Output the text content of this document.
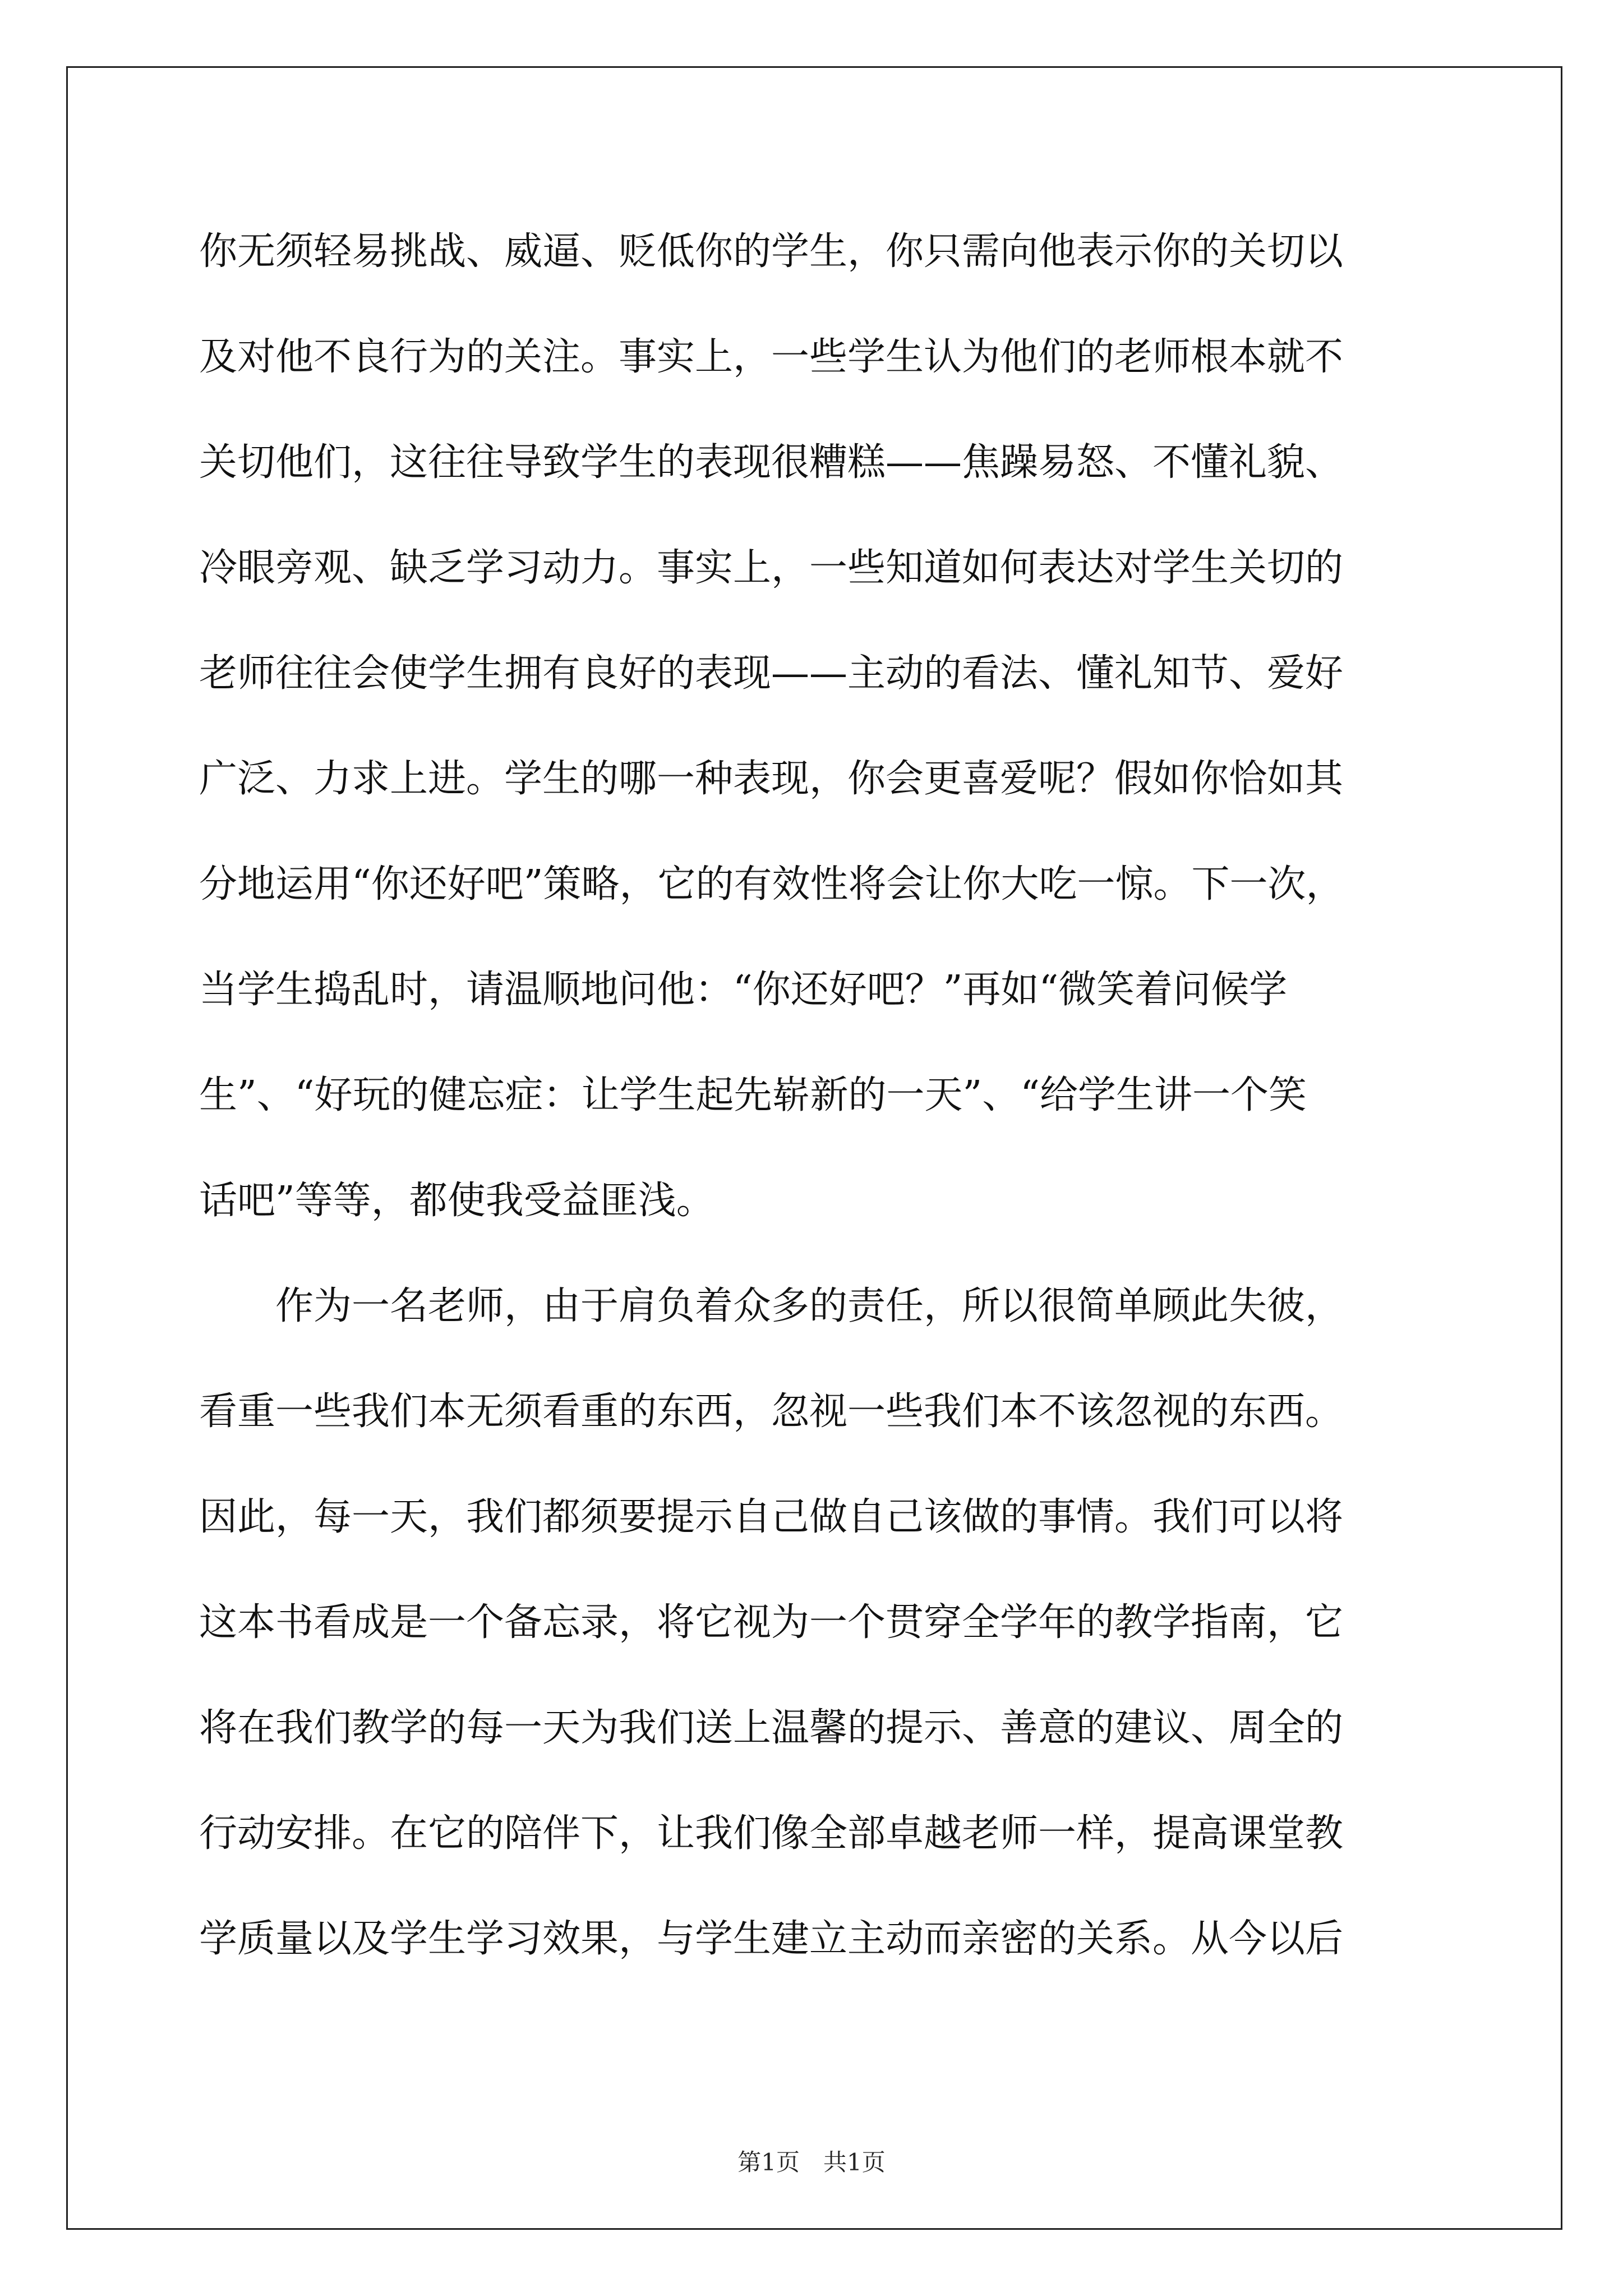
你无须轻易挑战、威逼、贬低你的学生，你只需向他表示你的关切以
及对他不良行为的关注。事实上，一些学生认为他们的老师根本就不
关切他们，这往往导致学生的表现很糟糕——焦躁易怒、不懂礼貌、
冷眼旁观、缺乏学习动力。事实上，一些知道如何表达对学生关切的
老师往往会使学生拥有良好的表现——主动的看法、懂礼知节、爱好
广泛、力求上进。学生的哪一种表现，你会更喜爱呢？假如你恰如其
分地运用“你还好吧”策略，它的有效性将会让你大吃一惊。下一次，
当学生捣乱时，请温顺地问他：“你还好吧？”再如“微笑着问候学
生”、“好玩的健忘症：让学生起先崭新的一天”、“给学生讲一个笑
话吧”等等，都使我受益匪浅。
　　作为一名老师，由于肩负着众多的责任，所以很简单顾此失彼，
看重一些我们本无须看重的东西，忽视一些我们本不该忽视的东西。
因此，每一天，我们都须要提示自己做自己该做的事情。我们可以将
这本书看成是一个备忘录，将它视为一个贯穿全学年的教学指南，它
将在我们教学的每一天为我们送上温馨的提示、善意的建议、周全的
行动安排。在它的陪伴下，让我们像全部卓越老师一样，提高课堂教
学质量以及学生学习效果，与学生建立主动而亲密的关系。从今以后
第1页　共1页
